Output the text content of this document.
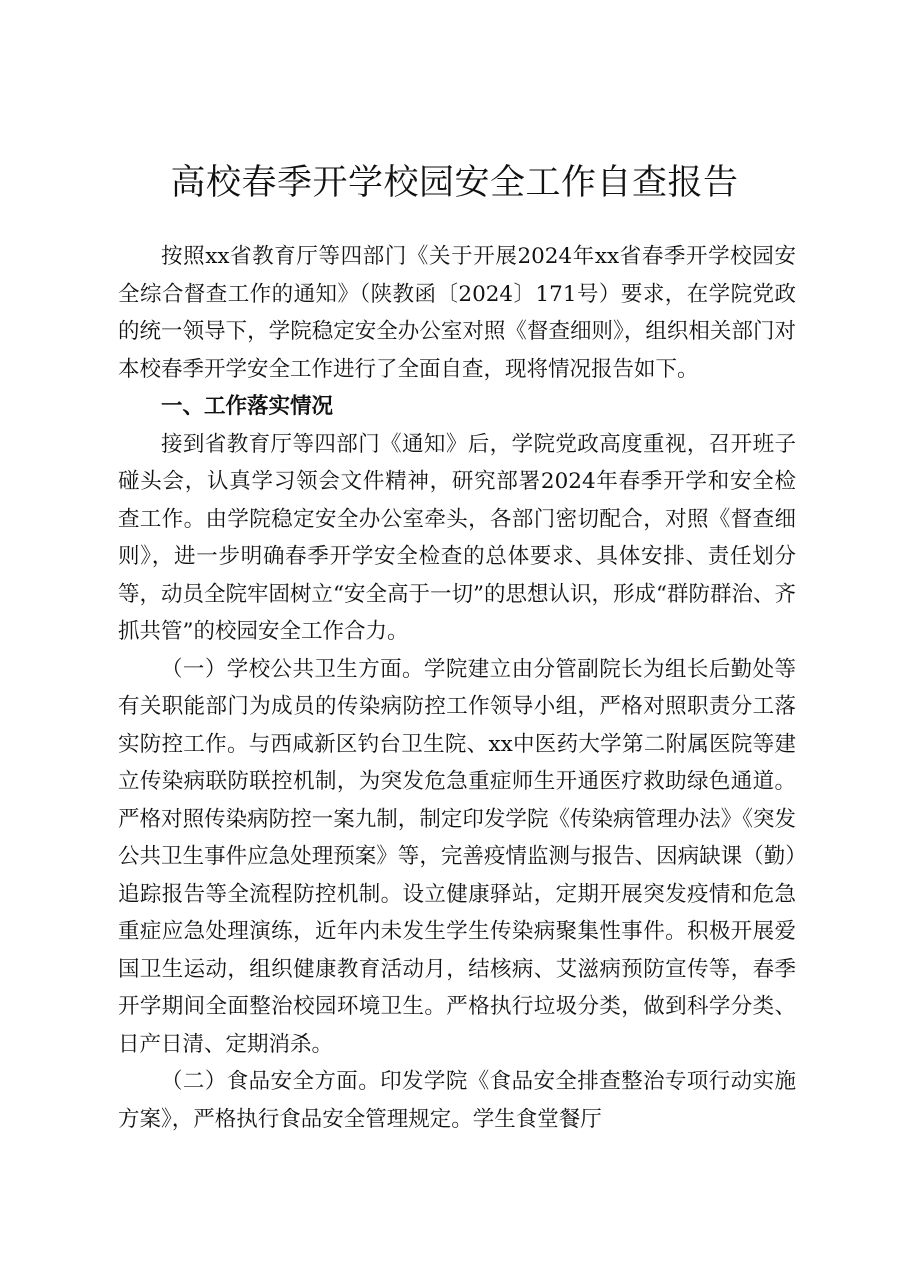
高校春季开学校园安全工作自查报告

按照xx省教育厅等四部门《关于开展2024年xx省春季开学校园安全综合督查工作的通知》（陕教函〔2024〕171号）要求，在学院党政的统一领导下，学院稳定安全办公室对照《督查细则》，组织相关部门对本校春季开学安全工作进行了全面自查，现将情况报告如下。

一、工作落实情况

接到省教育厅等四部门《通知》后，学院党政高度重视，召开班子碰头会，认真学习领会文件精神，研究部署2024年春季开学和安全检查工作。由学院稳定安全办公室牵头，各部门密切配合，对照《督查细则》，进一步明确春季开学安全检查的总体要求、具体安排、责任划分等，动员全院牢固树立“安全高于一切”的思想认识，形成“群防群治、齐抓共管”的校园安全工作合力。

（一）学校公共卫生方面。学院建立由分管副院长为组长后勤处等有关职能部门为成员的传染病防控工作领导小组，严格对照职责分工落实防控工作。与西咸新区钓台卫生院、xx中医药大学第二附属医院等建立传染病联防联控机制，为突发危急重症师生开通医疗救助绿色通道。严格对照传染病防控一案九制，制定印发学院《传染病管理办法》《突发公共卫生事件应急处理预案》等，完善疫情监测与报告、因病缺课（勤）追踪报告等全流程防控机制。设立健康驿站，定期开展突发疫情和危急重症应急处理演练，近年内未发生学生传染病聚集性事件。积极开展爱国卫生运动，组织健康教育活动月，结核病、艾滋病预防宣传等，春季开学期间全面整治校园环境卫生。严格执行垃圾分类，做到科学分类、日产日清、定期消杀。

（二）食品安全方面。印发学院《食品安全排查整治专项行动实施方案》，严格执行食品安全管理规定。学生食堂餐厅
